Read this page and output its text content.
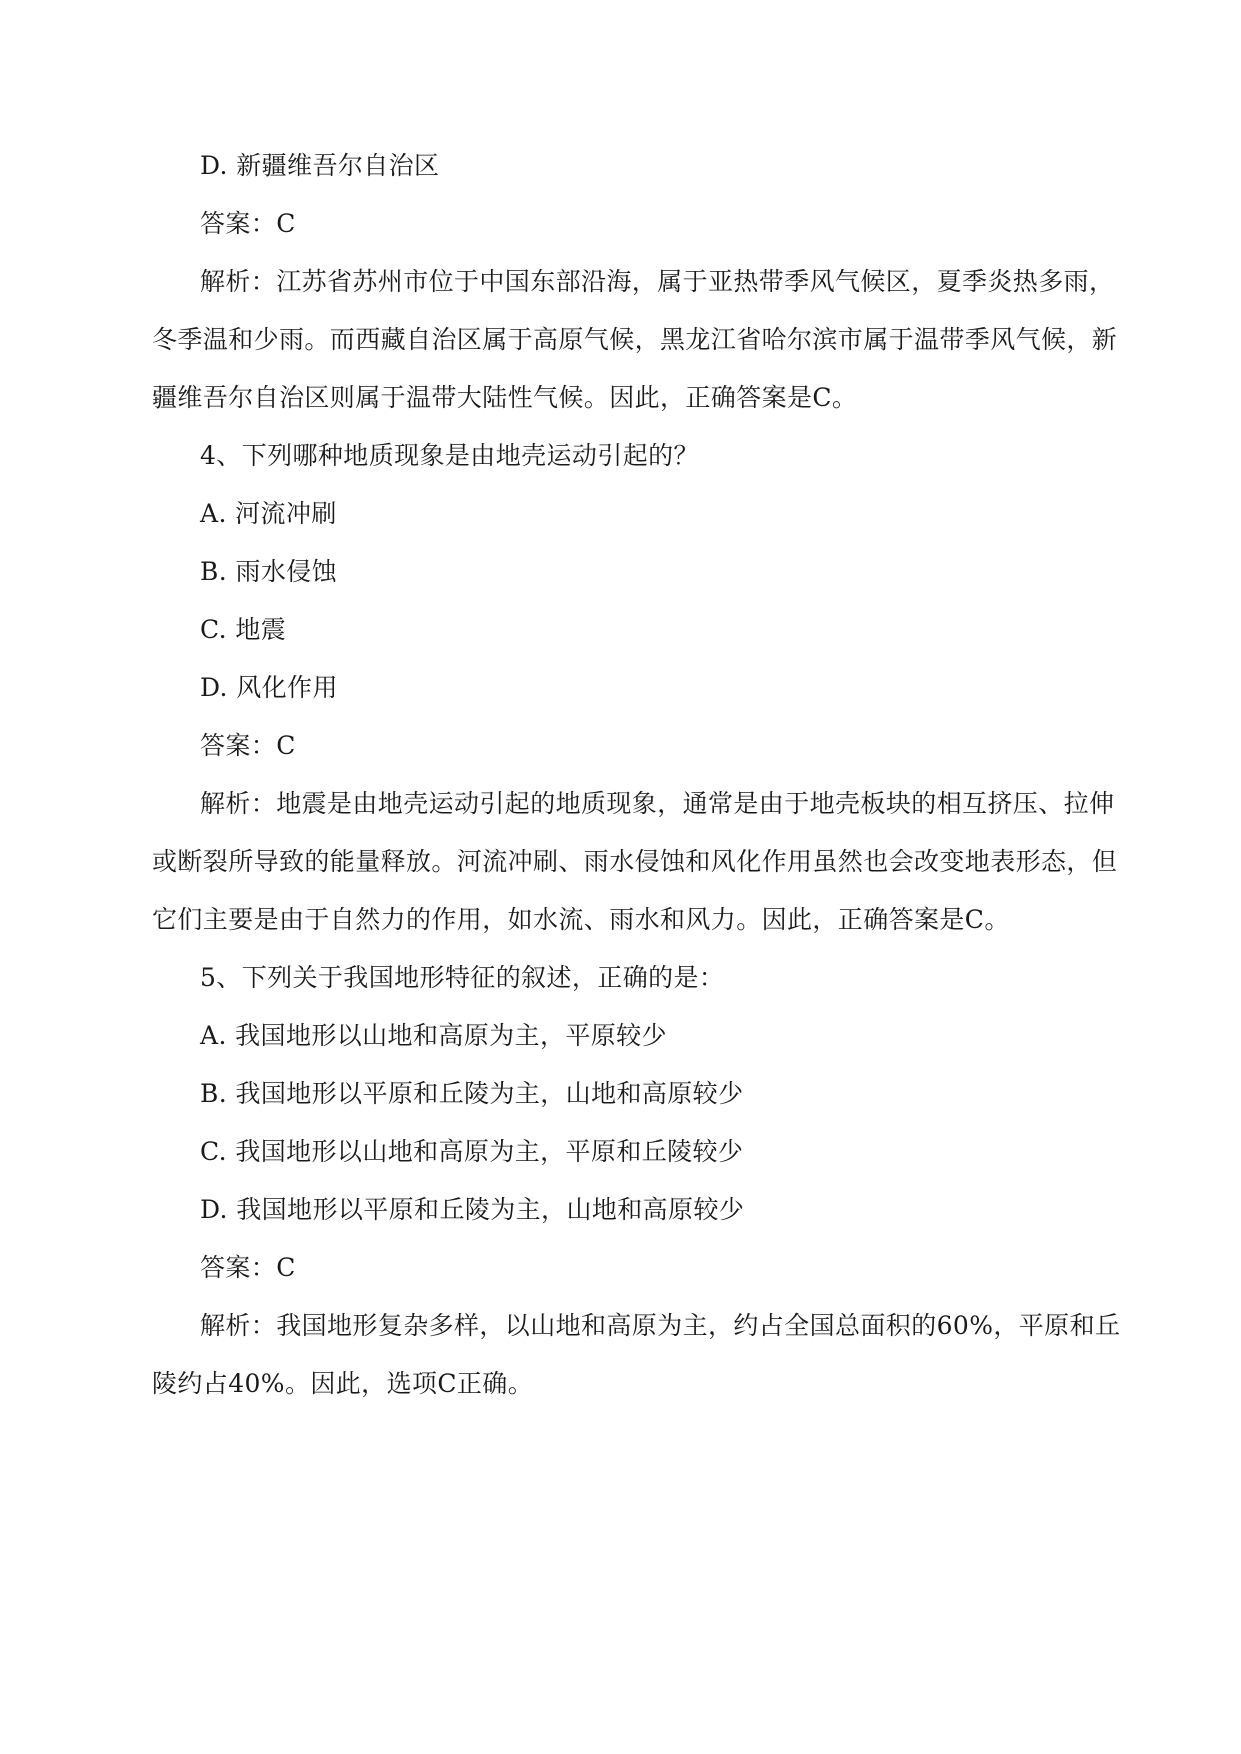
D. 新疆维吾尔自治区
答案：C
解析：江苏省苏州市位于中国东部沿海，属于亚热带季风气候区，夏季炎热多雨，
冬季温和少雨。而西藏自治区属于高原气候，黑龙江省哈尔滨市属于温带季风气候，新
疆维吾尔自治区则属于温带大陆性气候。因此，正确答案是C。
4、下列哪种地质现象是由地壳运动引起的？
A. 河流冲刷
B. 雨水侵蚀
C. 地震
D. 风化作用
答案：C
解析：地震是由地壳运动引起的地质现象，通常是由于地壳板块的相互挤压、拉伸
或断裂所导致的能量释放。河流冲刷、雨水侵蚀和风化作用虽然也会改变地表形态，但
它们主要是由于自然力的作用，如水流、雨水和风力。因此，正确答案是C。
5、下列关于我国地形特征的叙述，正确的是：
A. 我国地形以山地和高原为主，平原较少
B. 我国地形以平原和丘陵为主，山地和高原较少
C. 我国地形以山地和高原为主，平原和丘陵较少
D. 我国地形以平原和丘陵为主，山地和高原较少
答案：C
解析：我国地形复杂多样，以山地和高原为主，约占全国总面积的60%，平原和丘
陵约占40%。因此，选项C正确。
